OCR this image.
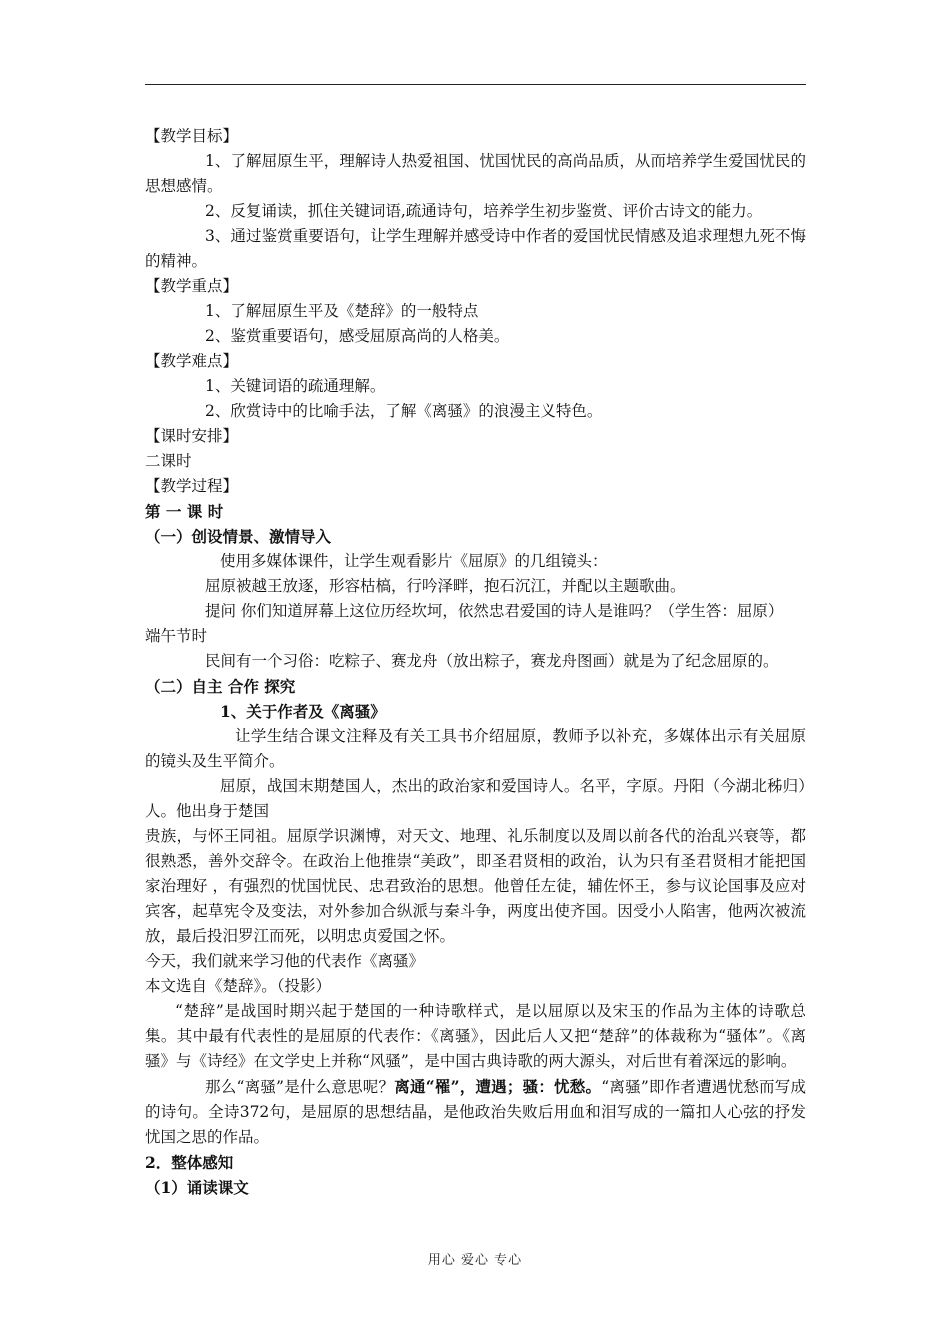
【教学目标】

1、了解屈原生平，理解诗人热爱祖国、忧国忧民的高尚品质，从而培养学生爱国忧民的思想感情。

2、反复诵读，抓住关键词语,疏通诗句，培养学生初步鉴赏、评价古诗文的能力。

3、通过鉴赏重要语句，让学生理解并感受诗中作者的爱国忧民情感及追求理想九死不悔的精神。

【教学重点】

1、了解屈原生平及《楚辞》的一般特点

2、鉴赏重要语句，感受屈原高尚的人格美。

【教学难点】

1、关键词语的疏通理解。

2、欣赏诗中的比喻手法，了解《离骚》的浪漫主义特色。

【课时安排】

二课时

【教学过程】

第 一 课 时

（一）创设情景、激情导入

使用多媒体课件，让学生观看影片《屈原》的几组镜头：

屈原被越王放逐，形容枯槁，行吟泽畔，抱石沉江，并配以主题歌曲。

提问 你们知道屏幕上这位历经坎坷，依然忠君爱国的诗人是谁吗？（学生答：屈原）

端午节时

民间有一个习俗：吃粽子、赛龙舟（放出粽子，赛龙舟图画）就是为了纪念屈原的。

（二）自主 合作 探究

1、关于作者及《离骚》

让学生结合课文注释及有关工具书介绍屈原，教师予以补充，多媒体出示有关屈原的镜头及生平简介。

屈原，战国末期楚国人，杰出的政治家和爱国诗人。名平，字原。丹阳（今湖北秭归）人。他出身于楚国

贵族，与怀王同祖。屈原学识渊博，对天文、地理、礼乐制度以及周以前各代的治乱兴衰等，都很熟悉，善外交辞令。在政治上他推崇“美政”，即圣君贤相的政治，认为只有圣君贤相才能把国家治理好 ，有强烈的忧国忧民、忠君致治的思想。他曾任左徒，辅佐怀王，参与议论国事及应对宾客，起草宪令及变法，对外参加合纵派与秦斗争，两度出使齐国。因受小人陷害，他两次被流放，最后投汨罗江而死，以明忠贞爱国之怀。

今天，我们就来学习他的代表作《离骚》

本文选自《楚辞》。（投影）

“楚辞”是战国时期兴起于楚国的一种诗歌样式，是以屈原以及宋玉的作品为主体的诗歌总集。其中最有代表性的是屈原的代表作：《离骚》，因此后人又把“楚辞”的体裁称为“骚体”。《离骚》与《诗经》在文学史上并称“风骚”，是中国古典诗歌的两大源头，对后世有着深远的影响。

那么“离骚”是什么意思呢？离通“罹”，遭遇；骚：忧愁。“离骚”即作者遭遇忧愁而写成的诗句。全诗372句，是屈原的思想结晶，是他政治失败后用血和泪写成的一篇扣人心弦的抒发忧国之思的作品。

2．整体感知

（1）诵读课文

用心 爱心 专心
